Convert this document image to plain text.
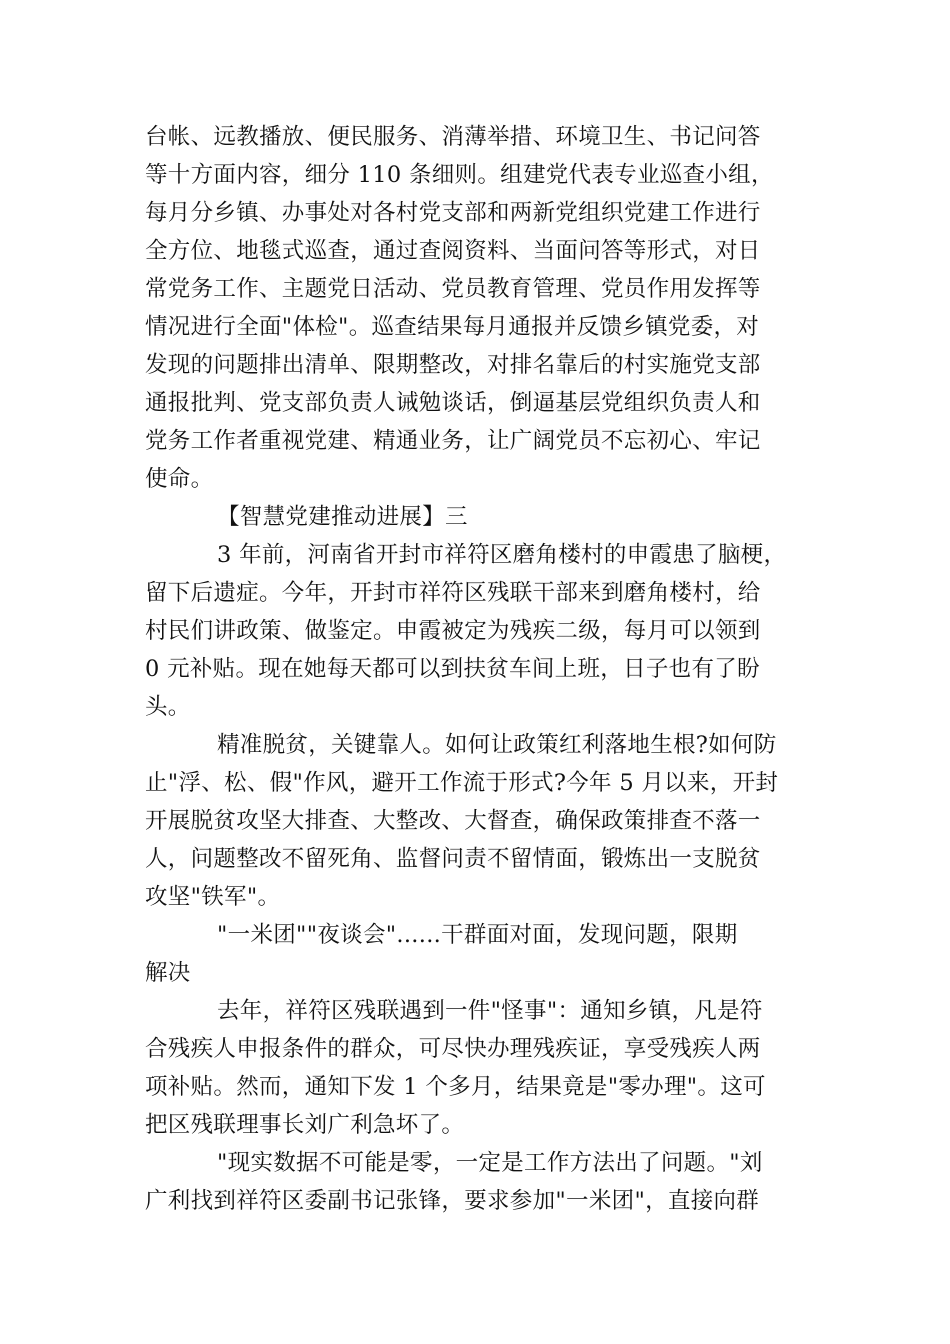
台帐、远教播放、便民服务、消薄举措、环境卫生、书记问答
等十方面内容，细分 110 条细则。组建党代表专业巡查小组，
每月分乡镇、办事处对各村党支部和两新党组织党建工作进行
全方位、地毯式巡查，通过查阅资料、当面问答等形式，对日
常党务工作、主题党日活动、党员教育管理、党员作用发挥等
情况进行全面"体检"。巡查结果每月通报并反馈乡镇党委，对
发现的问题排出清单、限期整改，对排名靠后的村实施党支部
通报批判、党支部负责人诫勉谈话，倒逼基层党组织负责人和
党务工作者重视党建、精通业务，让广阔党员不忘初心、牢记
使命。
【智慧党建推动进展】三
3 年前，河南省开封市祥符区磨角楼村的申霞患了脑梗，
留下后遗症。今年，开封市祥符区残联干部来到磨角楼村，给
村民们讲政策、做鉴定。申霞被定为残疾二级，每月可以领到
0 元补贴。现在她每天都可以到扶贫车间上班，日子也有了盼
头。
精准脱贫，关键靠人。如何让政策红利落地生根?如何防
止"浮、松、假"作风，避开工作流于形式?今年 5 月以来，开封
开展脱贫攻坚大排查、大整改、大督查，确保政策排查不落一
人，问题整改不留死角、监督问责不留情面，锻炼出一支脱贫
攻坚"铁军"。
"一米团""夜谈会"......干群面对面，发现问题，限期
解决
去年，祥符区残联遇到一件"怪事"：通知乡镇，凡是符
合残疾人申报条件的群众，可尽快办理残疾证，享受残疾人两
项补贴。然而，通知下发 1 个多月，结果竟是"零办理"。这可
把区残联理事长刘广利急坏了。
"现实数据不可能是零，一定是工作方法出了问题。"刘
广利找到祥符区委副书记张锋，要求参加"一米团"，直接向群
